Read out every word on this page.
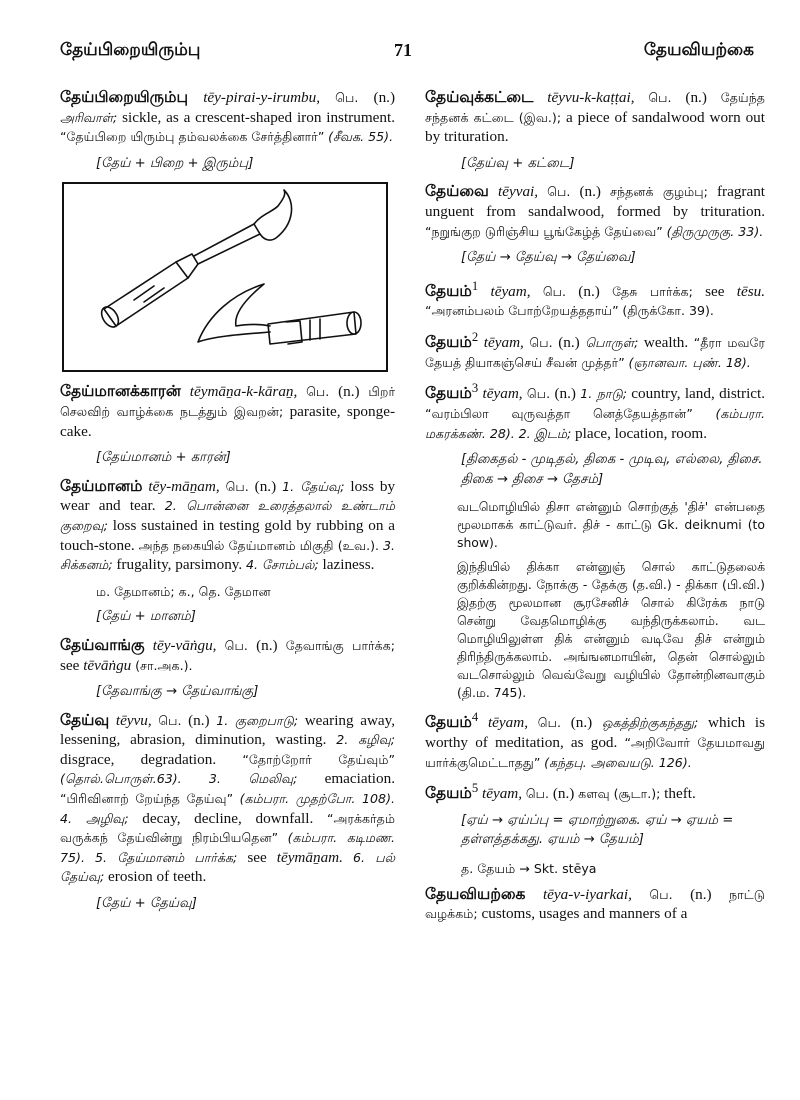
தேய்பிறையிரும்பு	71	தேயவியற்கை
தேய்பிறையிரும்பு tēy-pirai-y-irumbu, பெ. (n.) அரிவாள்; sickle, as a crescent-shaped iron instrument. “தேய்பிறை யிரும்பு தம்வலக்கை சேர்த்தினார்” (சீவக. 55).
[தேய் + பிறை + இரும்பு]
தேய்மானக்காரன் tēymāṉa-k-kāraṉ, பெ. (n.) பிறர் செலவிற் வாழ்க்கை நடத்தும் இவறன்; parasite, sponge-cake.
[தேய்மானம் + காரன்]
தேய்மானம் tēy-māṉam, பெ. (n.) 1. தேய்வு; loss by wear and tear. 2. பொன்னை உரைத்தலால் உண்டாம் குறைவு; loss sustained in testing gold by rubbing on a touch-stone. அந்த நகையில் தேய்மானம் மிகுதி (உவ.). 3. சிக்கனம்; frugality, parsimony. 4. சோம்பல்; laziness.
ம. தேமானம்; க., தெ. தேமான
[தேய் + மானம்]
தேய்வாங்கு tēy-vāṅgu, பெ. (n.) தேவாங்கு பார்க்க; see tēvāṅgu (சா.அக.).
[தேவாங்கு → தேய்வாங்கு]
தேய்வு tēyvu, பெ. (n.) 1. குறைபாடு; wearing away, lessening, abrasion, diminution, wasting. 2. கழிவு; disgrace, degradation. “தோற்றோர் தேய்வும்” (தொல்.பொருள்.63). 3. மெலிவு; emaciation. “பிரிவினாற் றேய்ந்த தேய்வு” (கம்பரா. முதற்போ. 108). 4. அழிவு; decay, decline, downfall. “அரக்கர்தம் வருக்கந் தேய்வின்று நிரம்பியதென” (கம்பரா. கடிமண. 75). 5. தேய்மானம் பார்க்க; see tēymāṉam. 6. பல் தேய்வு; erosion of teeth.
[தேய் + தேய்வு]
தேய்வுக்கட்டை tēyvu-k-kaṭṭai, பெ. (n.) தேய்ந்த சந்தனக் கட்டை (இவ.); a piece of sandalwood worn out by trituration.
[தேய்வு + கட்டை]
தேய்வை tēyvai, பெ. (n.) சந்தனக் குழம்பு; fragrant unguent from sandalwood, formed by trituration. “நறுங்குற டுரிஞ்சிய பூங்கேழ்த் தேய்வை” (திருமுருகு. 33).
[தேய் → தேய்வு → தேய்வை]
தேயம்$^1$ tēyam, பெ. (n.) தேசு பார்க்க; see tēsu. “அரனம்பலம் போற்றேயத்ததாய்” (திருக்கோ. 39).
தேயம்$^2$ tēyam, பெ. (n.) பொருள்; wealth. “தீரா மவரே தேயத் தியாகஞ்செய் சீவன் முத்தர்” (ஞானவா. புண். 18).
தேயம்$^3$ tēyam, பெ. (n.) 1. நாடு; country, land, district. “வரம்பிலா வுருவத்தா னெத்தேயத்தான்” (கம்பரா. மகரக்கண். 28). 2. இடம்; place, location, room.
[திகைதல் - முடிதல், திகை - முடிவு, எல்லை, திசை. திகை → திசை → தேசம்]
வடமொழியில் திசா என்னும் சொற்குத் 'திச்' என்பதை மூலமாகக் காட்டுவர். திச் - காட்டு Gk. deiknumi (to show).
இந்தியில் திக்கா என்னுஞ் சொல் காட்டுதலைக் குறிக்கின்றது. நோக்கு - தேக்கு (த.வி.) - திக்கா (பி.வி.) இதற்கு மூலமான சூரசேனிச் சொல் கிரேக்க நாடு சென்று வேதமொழிக்கு வந்திருக்கலாம். வட மொழியிலுள்ள திக் என்னும் வடிவே திச் என்றும் திரிந்திருக்கலாம். அங்ஙனமாயின், தென் சொல்லும் வடசொல்லும் வெவ்வேறு வழியில் தோன்றினவாகும் (தி.ம. 745).
தேயம்$^4$ tēyam, பெ. (n.) ஒகத்திற்குகந்தது; which is worthy of meditation, as god. “அறிவோர் தேயமாவது யார்க்குமெட்டாதது” (கந்தபு. அவையடு. 126).
தேயம்$^5$ tēyam, பெ. (n.) களவு (சூடா.); theft.
[ஏய் → ஏய்ப்பு = ஏமாற்றுகை. ஏய் → ஏயம் = தள்ளத்தக்கது. ஏயம் → தேயம்]
த. தேயம் → Skt. stēya
தேயவியற்கை tēya-v-iyarkai, பெ. (n.) நாட்டு வழக்கம்; customs, usages and manners of a
